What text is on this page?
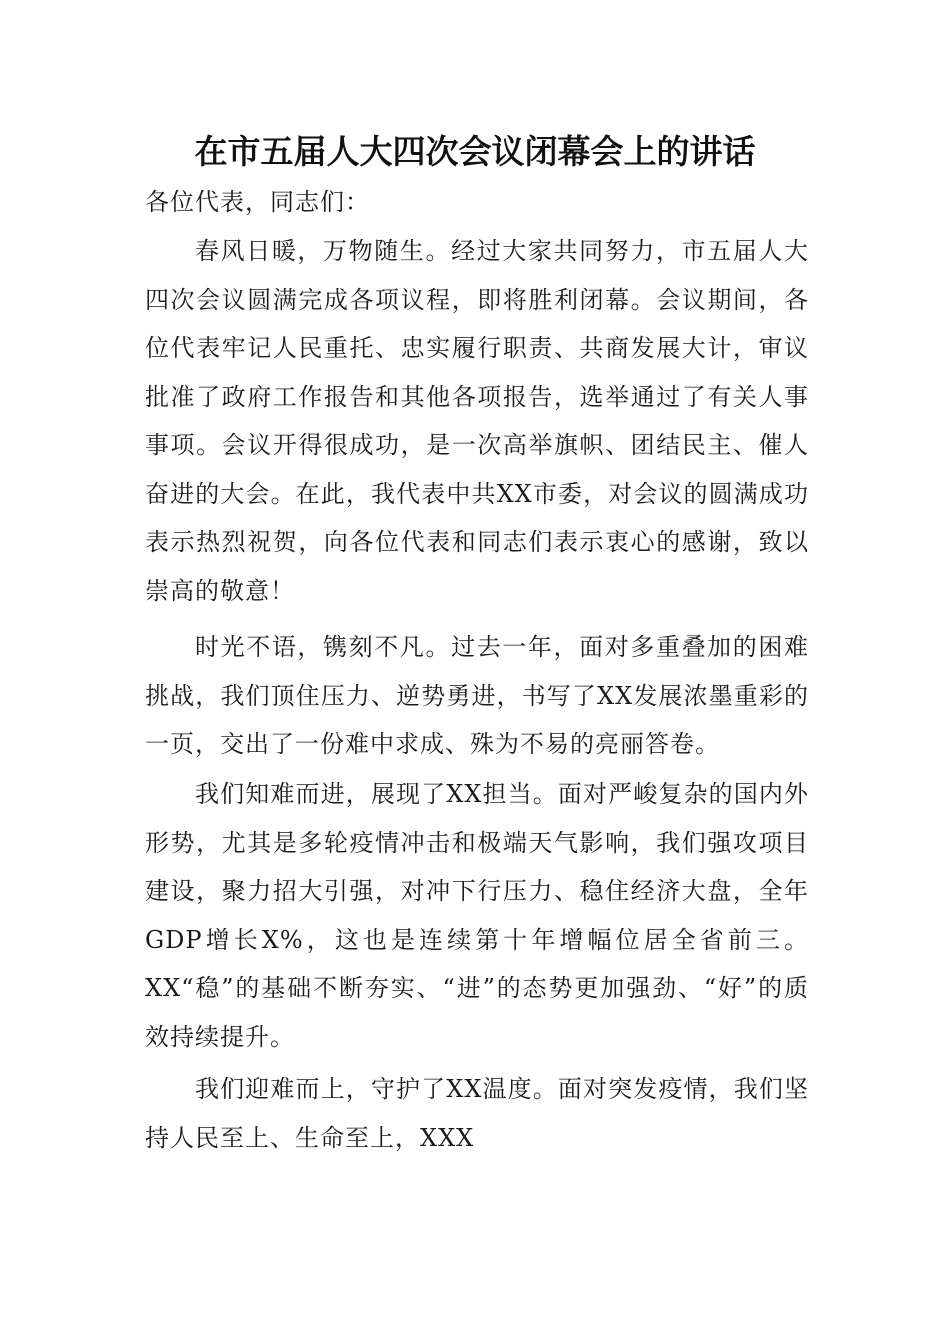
在市五届人大四次会议闭幕会上的讲话
各位代表，同志们：
春风日暖，万物随生。经过大家共同努力，市五届人大四次会议圆满完成各项议程，即将胜利闭幕。会议期间，各位代表牢记人民重托、忠实履行职责、共商发展大计，审议批准了政府工作报告和其他各项报告，选举通过了有关人事事项。会议开得很成功，是一次高举旗帜、团结民主、催人奋进的大会。在此，我代表中共XX市委，对会议的圆满成功表示热烈祝贺，向各位代表和同志们表示衷心的感谢，致以崇高的敬意！
时光不语，镌刻不凡。过去一年，面对多重叠加的困难挑战，我们顶住压力、逆势勇进，书写了XX发展浓墨重彩的一页，交出了一份难中求成、殊为不易的亮丽答卷。
我们知难而进，展现了XX担当。面对严峻复杂的国内外形势，尤其是多轮疫情冲击和极端天气影响，我们强攻项目建设，聚力招大引强，对冲下行压力、稳住经济大盘，全年GDP增长X%，这也是连续第十年增幅位居全省前三。XX“稳”的基础不断夯实、“进”的态势更加强劲、“好”的质效持续提升。
我们迎难而上，守护了XX温度。面对突发疫情，我们坚持人民至上、生命至上，XXX
